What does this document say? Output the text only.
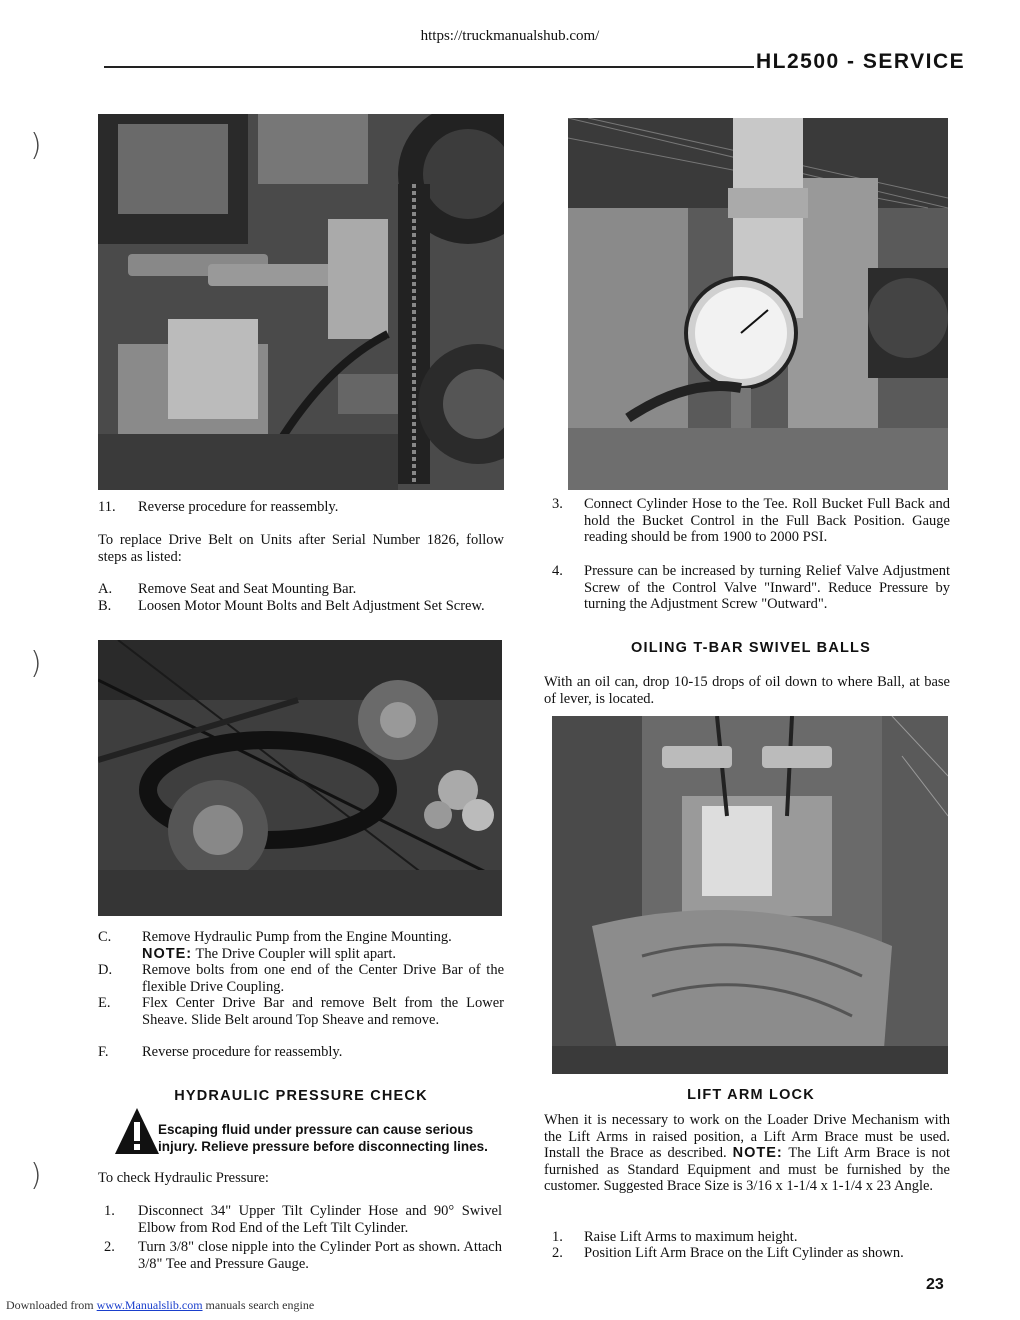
https://truckmanualshub.com/
HL2500 - SERVICE
)
)
)
11. Reverse procedure for reassembly.
To replace Drive Belt on Units after Serial Number 1826, follow steps as listed:
A. Remove Seat and Seat Mounting Bar.
B. Loosen Motor Mount Bolts and Belt Adjustment Set Screw.
C. Remove Hydraulic Pump from the Engine Mounting.
NOTE: The Drive Coupler will split apart.
D. Remove bolts from one end of the Center Drive Bar of the flexible Drive Coupling.
E. Flex Center Drive Bar and remove Belt from the Lower Sheave. Slide Belt around Top Sheave and remove.
F. Reverse procedure for reassembly.
HYDRAULIC PRESSURE CHECK
Escaping fluid under pressure can cause serious injury. Relieve pressure before disconnecting lines.
To check Hydraulic Pressure:
1. Disconnect 34" Upper Tilt Cylinder Hose and 90° Swivel Elbow from Rod End of the Left Tilt Cylinder.
2. Turn 3/8" close nipple into the Cylinder Port as shown. Attach 3/8" Tee and Pressure Gauge.
3. Connect Cylinder Hose to the Tee. Roll Bucket Full Back and hold the Bucket Control in the Full Back Position. Gauge reading should be from 1900 to 2000 PSI.
4. Pressure can be increased by turning Relief Valve Adjustment Screw of the Control Valve "Inward". Reduce Pressure by turning the Adjustment Screw "Outward".
OILING T-BAR SWIVEL BALLS
With an oil can, drop 10-15 drops of oil down to where Ball, at base of lever, is located.
LIFT ARM LOCK
When it is necessary to work on the Loader Drive Mechanism with the Lift Arms in raised position, a Lift Arm Brace must be used. Install the Brace as described. NOTE: The Lift Arm Brace is not furnished as Standard Equipment and must be furnished by the customer. Suggested Brace Size is 3/16 x 1-1/4 x 1-1/4 x 23 Angle.
1. Raise Lift Arms to maximum height.
2. Position Lift Arm Brace on the Lift Cylinder as shown.
23
Downloaded from www.Manualslib.com manuals search engine
